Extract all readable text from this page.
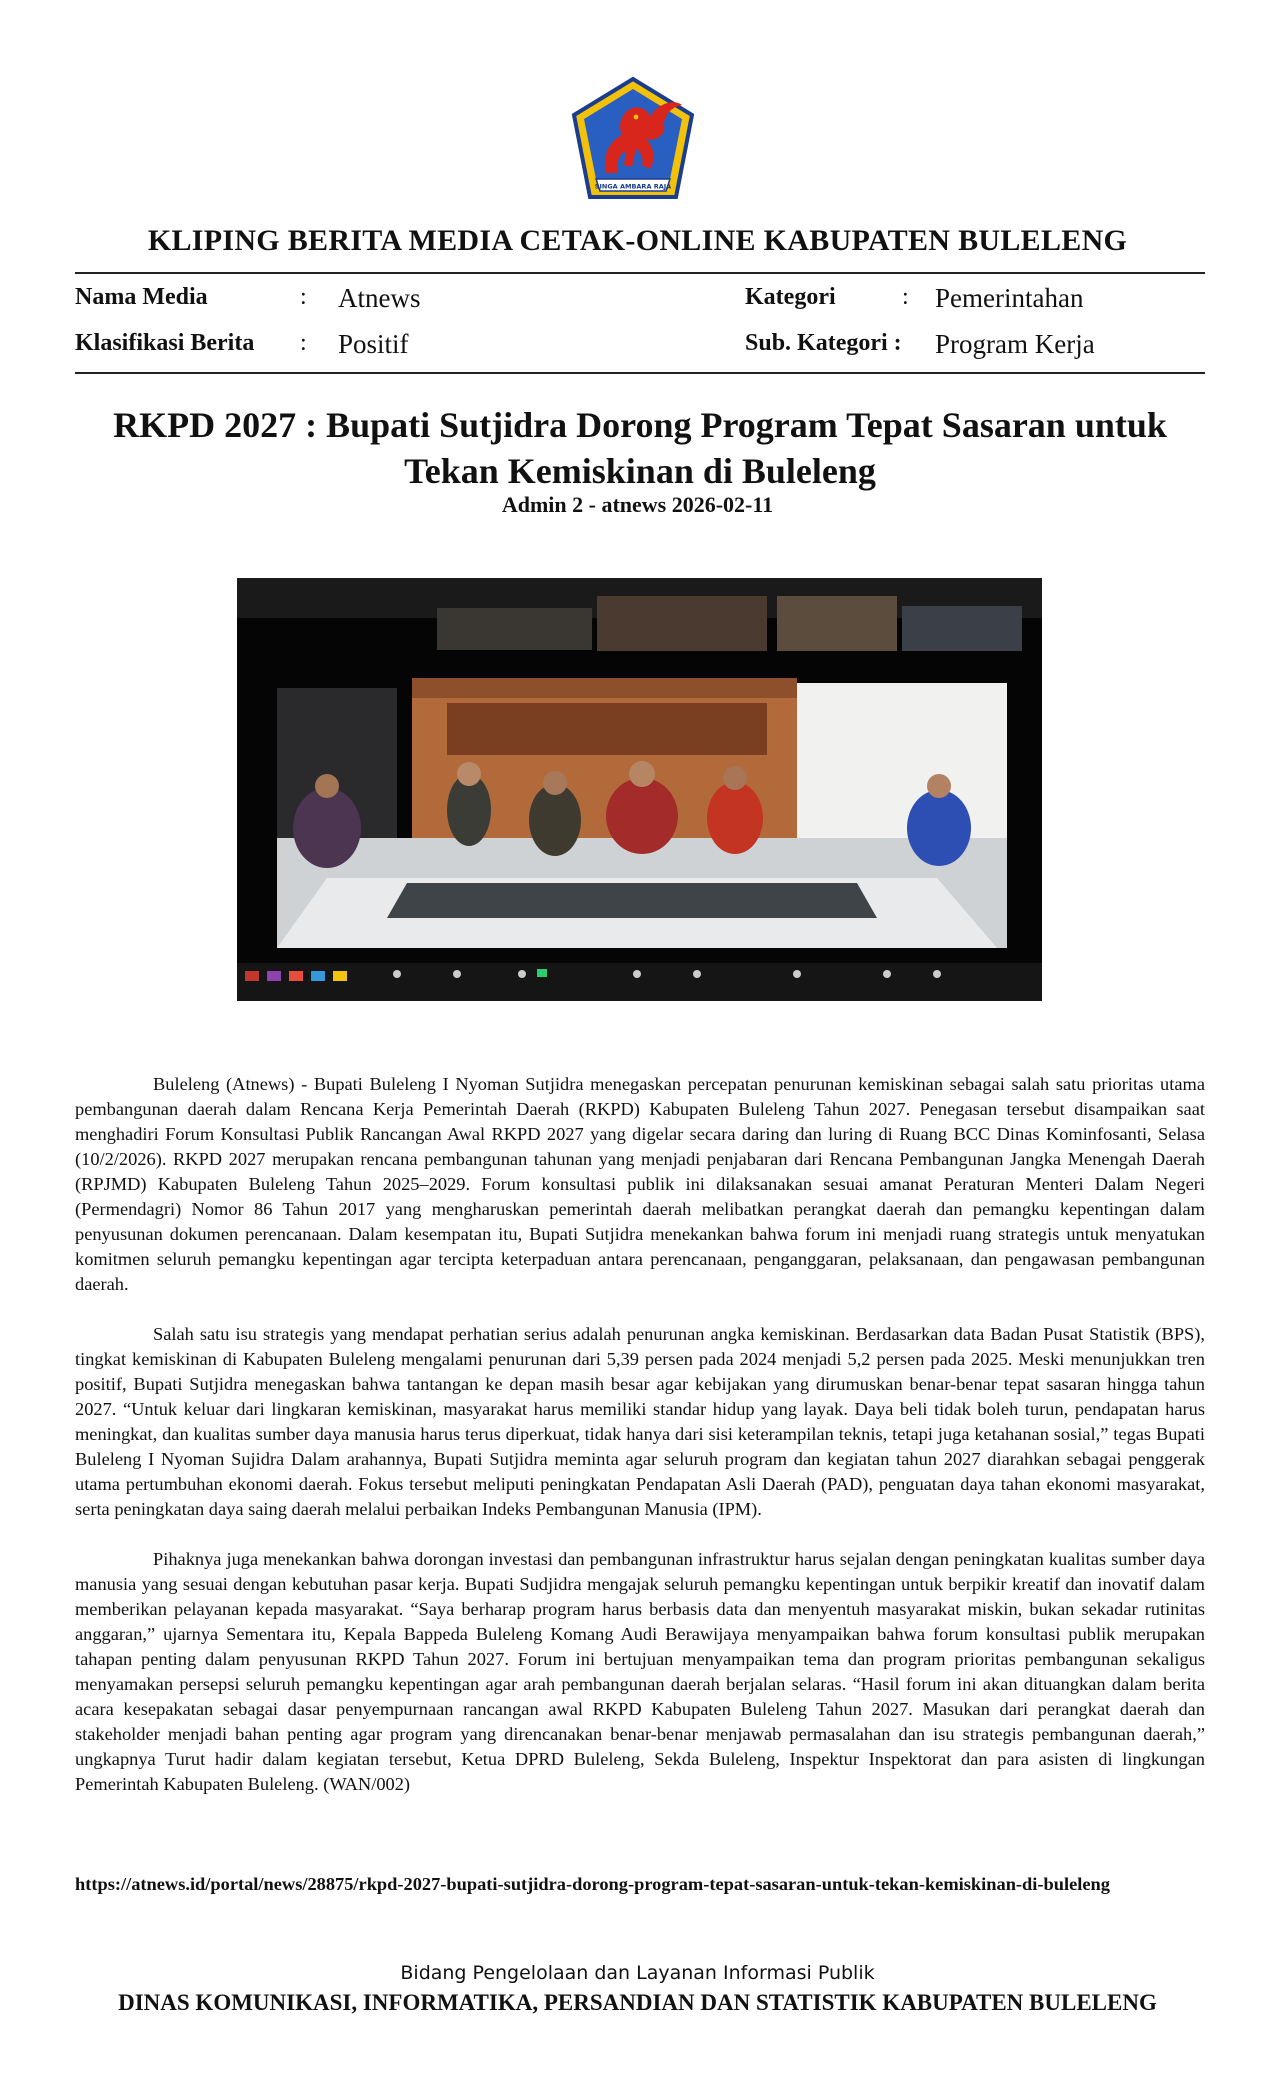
SINGA AMBARA RAJA
KLIPING BERITA MEDIA CETAK-ONLINE KABUPATEN BULELENG
Nama Media	: Atnews	Kategori	: Pemerintahan
Klasifikasi Berita : Positif	Sub. Kategori : Program Kerja
RKPD 2027 : Bupati Sutjidra Dorong Program Tepat Sasaran untuk Tekan Kemiskinan di Buleleng
Admin 2 - atnews 2026-02-11

Buleleng (Atnews) - Bupati Buleleng I Nyoman Sutjidra menegaskan percepatan penurunan kemiskinan sebagai salah satu prioritas utama pembangunan daerah dalam Rencana Kerja Pemerintah Daerah (RKPD) Kabupaten Buleleng Tahun 2027. Penegasan tersebut disampaikan saat menghadiri Forum Konsultasi Publik Rancangan Awal RKPD 2027 yang digelar secara daring dan luring di Ruang BCC Dinas Kominfosanti, Selasa (10/2/2026). RKPD 2027 merupakan rencana pembangunan tahunan yang menjadi penjabaran dari Rencana Pembangunan Jangka Menengah Daerah (RPJMD) Kabupaten Buleleng Tahun 2025–2029. Forum konsultasi publik ini dilaksanakan sesuai amanat Peraturan Menteri Dalam Negeri (Permendagri) Nomor 86 Tahun 2017 yang mengharuskan pemerintah daerah melibatkan perangkat daerah dan pemangku kepentingan dalam penyusunan dokumen perencanaan. Dalam kesempatan itu, Bupati Sutjidra menekankan bahwa forum ini menjadi ruang strategis untuk menyatukan komitmen seluruh pemangku kepentingan agar tercipta keterpaduan antara perencanaan, penganggaran, pelaksanaan, dan pengawasan pembangunan daerah.

Salah satu isu strategis yang mendapat perhatian serius adalah penurunan angka kemiskinan. Berdasarkan data Badan Pusat Statistik (BPS), tingkat kemiskinan di Kabupaten Buleleng mengalami penurunan dari 5,39 persen pada 2024 menjadi 5,2 persen pada 2025. Meski menunjukkan tren positif, Bupati Sutjidra menegaskan bahwa tantangan ke depan masih besar agar kebijakan yang dirumuskan benar-benar tepat sasaran hingga tahun 2027. “Untuk keluar dari lingkaran kemiskinan, masyarakat harus memiliki standar hidup yang layak. Daya beli tidak boleh turun, pendapatan harus meningkat, dan kualitas sumber daya manusia harus terus diperkuat, tidak hanya dari sisi keterampilan teknis, tetapi juga ketahanan sosial,” tegas Bupati Buleleng I Nyoman Sujidra Dalam arahannya, Bupati Sutjidra meminta agar seluruh program dan kegiatan tahun 2027 diarahkan sebagai penggerak utama pertumbuhan ekonomi daerah. Fokus tersebut meliputi peningkatan Pendapatan Asli Daerah (PAD), penguatan daya tahan ekonomi masyarakat, serta peningkatan daya saing daerah melalui perbaikan Indeks Pembangunan Manusia (IPM).

Pihaknya juga menekankan bahwa dorongan investasi dan pembangunan infrastruktur harus sejalan dengan peningkatan kualitas sumber daya manusia yang sesuai dengan kebutuhan pasar kerja. Bupati Sudjidra mengajak seluruh pemangku kepentingan untuk berpikir kreatif dan inovatif dalam memberikan pelayanan kepada masyarakat. “Saya berharap program harus berbasis data dan menyentuh masyarakat miskin, bukan sekadar rutinitas anggaran,” ujarnya Sementara itu, Kepala Bappeda Buleleng Komang Audi Berawijaya menyampaikan bahwa forum konsultasi publik merupakan tahapan penting dalam penyusunan RKPD Tahun 2027. Forum ini bertujuan menyampaikan tema dan program prioritas pembangunan sekaligus menyamakan persepsi seluruh pemangku kepentingan agar arah pembangunan daerah berjalan selaras. “Hasil forum ini akan dituangkan dalam berita acara kesepakatan sebagai dasar penyempurnaan rancangan awal RKPD Kabupaten Buleleng Tahun 2027. Masukan dari perangkat daerah dan stakeholder menjadi bahan penting agar program yang direncanakan benar-benar menjawab permasalahan dan isu strategis pembangunan daerah,” ungkapnya Turut hadir dalam kegiatan tersebut, Ketua DPRD Buleleng, Sekda Buleleng, Inspektur Inspektorat dan para asisten di lingkungan Pemerintah Kabupaten Buleleng. (WAN/002)

https://atnews.id/portal/news/28875/rkpd-2027-bupati-sutjidra-dorong-program-tepat-sasaran-untuk-tekan-kemiskinan-di-buleleng
Bidang Pengelolaan dan Layanan Informasi Publik
DINAS KOMUNIKASI, INFORMATIKA, PERSANDIAN DAN STATISTIK KABUPATEN BULELENG
